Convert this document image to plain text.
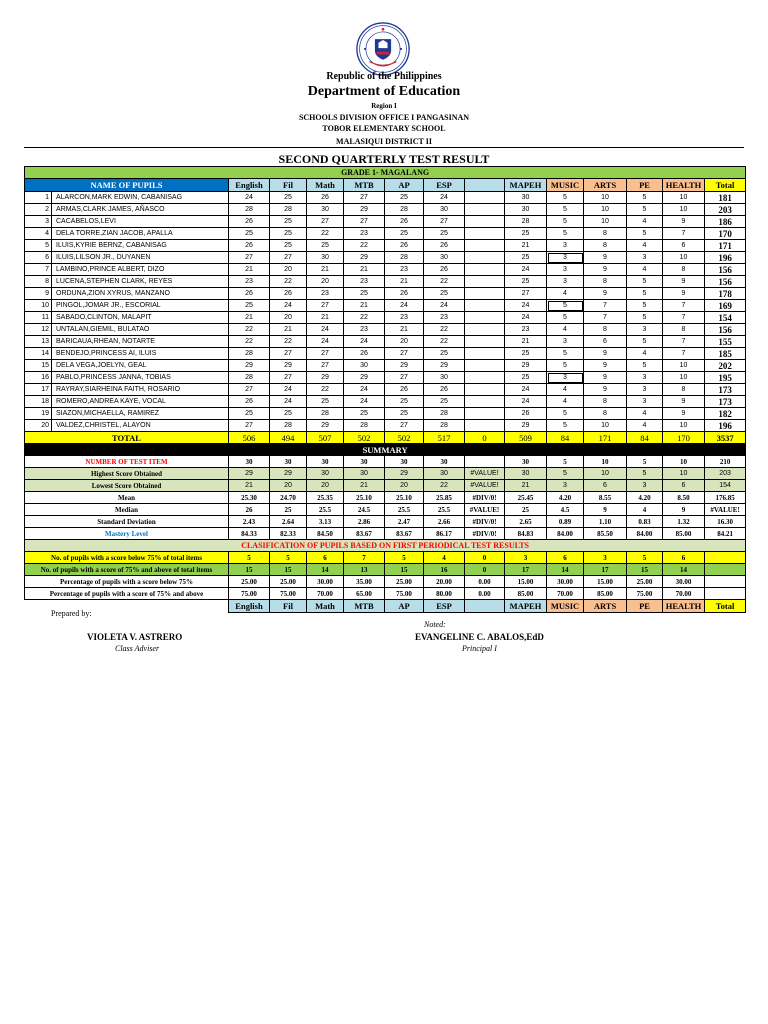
Republic of the Philippines
Department of Education
Region I
SCHOOLS DIVISION OFFICE I PANGASINAN
TOBOR ELEMENTARY SCHOOL
MALASIQUI DISTRICT II
SECOND QUARTERLY TEST RESULT
GRADE 1- MAGALANG														
NAME OF PUPILS		English	Fil	Math	MTB	AP	ESP		MAPEH	MUSIC	ARTS	PE	HEALTH	Total
1	ALARCON,MARK EDWIN, CABANISAG	24	25	26	27	25	24		30	5	10	5	10	181
2	ARMAS,CLARK JAMES, AÑASCO	28	28	30	29	28	30		30	5	10	5	10	203
3	CACABELOS,LEVI	26	25	27	27	26	27		28	5	10	4	9	186
4	DELA TORRE,ZIAN JACOB, APALLA	25	25	22	23	25	25		25	5	8	5	7	170
5	ILUIS,KYRIE BERNZ, CABANISAG	26	25	25	22	26	26		21	3	8	4	6	171
6	ILUIS,LILSON JR., DUYANEN	27	27	30	29	28	30		25	3	9	3	10	196
7	LAMBINO,PRINCE ALBERT, DIZO	21	20	21	21	23	26		24	3	9	4	8	156
8	LUCENA,STEPHEN CLARK, REYES	23	22	20	23	21	22		25	3	8	5	9	156
9	ORDUNA,ZION XYRUS, MANZANO	26	26	23	25	26	25		27	4	9	5	9	178
10	PINGOL,JOMAR JR., ESCORIAL	25	24	27	21	24	24		24	5	7	5	7	169
11	SABADO,CLINTON, MALAPIT	21	20	21	22	23	23		24	5	7	5	7	154
12	UNTALAN,GIEMIL, BULATAO	22	21	24	23	21	22		23	4	8	3	8	156
13	BARICAUA,RHEAN, NOTARTE	22	22	24	24	20	22		21	3	6	5	7	155
14	BENDEJO,PRINCESS AI, ILUIS	28	27	27	26	27	25		25	5	9	4	7	185
15	DELA VEGA,JOELYN, GEAL	29	29	27	30	29	29		29	5	9	5	10	202
16	PABLO,PRINCESS JANNA, TOBIAS	28	27	29	29	27	30		25	3	9	3	10	195
17	RAYRAY,SIARHEINA FAITH, ROSARIO	27	24	22	24	26	26		24	4	9	3	8	173
18	ROMERO,ANDREA KAYE, VOCAL	26	24	25	24	25	25		24	4	8	3	9	173
19	SIAZON,MICHAELLA, RAMIREZ	25	25	28	25	25	28		26	5	8	4	9	182
20	VALDEZ,CHRISTEL, ALAYON	27	28	29	28	27	28		29	5	10	4	10	196
TOTAL		506	494	507	502	502	517	0	509	84	171	84	170	3537
SUMMARY														
NUMBER OF TEST ITEM		30	30	30	30	30	30		30	5	10	5	10	210
Highest Score Obtained		29	29	30	30	29	30	#VALUE!	30	5	10	5	10	203
Lowest Score Obtained		21	20	20	21	20	22	#VALUE!	21	3	6	3	6	154
Mean		25.30	24.70	25.35	25.10	25.10	25.85	#DIV/0!	25.45	4.20	8.55	4.20	8.50	176.85
Median		26	25	25.5	24.5	25.5	25.5	#VALUE!	25	4.5	9	4	9	#VALUE!
Standard Deviation		2.43	2.64	3.13	2.86	2.47	2.66	#DIV/0!	2.65	0.89	1.10	0.83	1.32	16.30
Mastery Level		84.33	82.33	84.50	83.67	83.67	86.17	#DIV/0!	84.83	84.00	85.50	84.00	85.00	84.21
CLASIFICATION OF PUPILS BASED ON FIRST PERIODICAL TEST RESULTS														
No. of pupils with a score below 75% of total items		5	5	6	7	5	4	0	3	6	3	5	6	
No. of pupils with a score of 75% and above of total items		15	15	14	13	15	16	0	17	14	17	15	14	
Percentage of pupils with a score below 75%		25.00	25.00	30.00	35.00	25.00	20.00	0.00	15.00	30.00	15.00	25.00	30.00	
Percentage of pupils with a score of 75% and above		75.00	75.00	70.00	65.00	75.00	80.00	0.00	85.00	70.00	85.00	75.00	70.00	
		English	Fil	Math	MTB	AP	ESP		MAPEH	MUSIC	ARTS	PE	HEALTH	Total
Prepared by:
Noted:
VIOLETA V. ASTRERO
Class Adviser
EVANGELINE C. ABALOS,EdD
Principal I
